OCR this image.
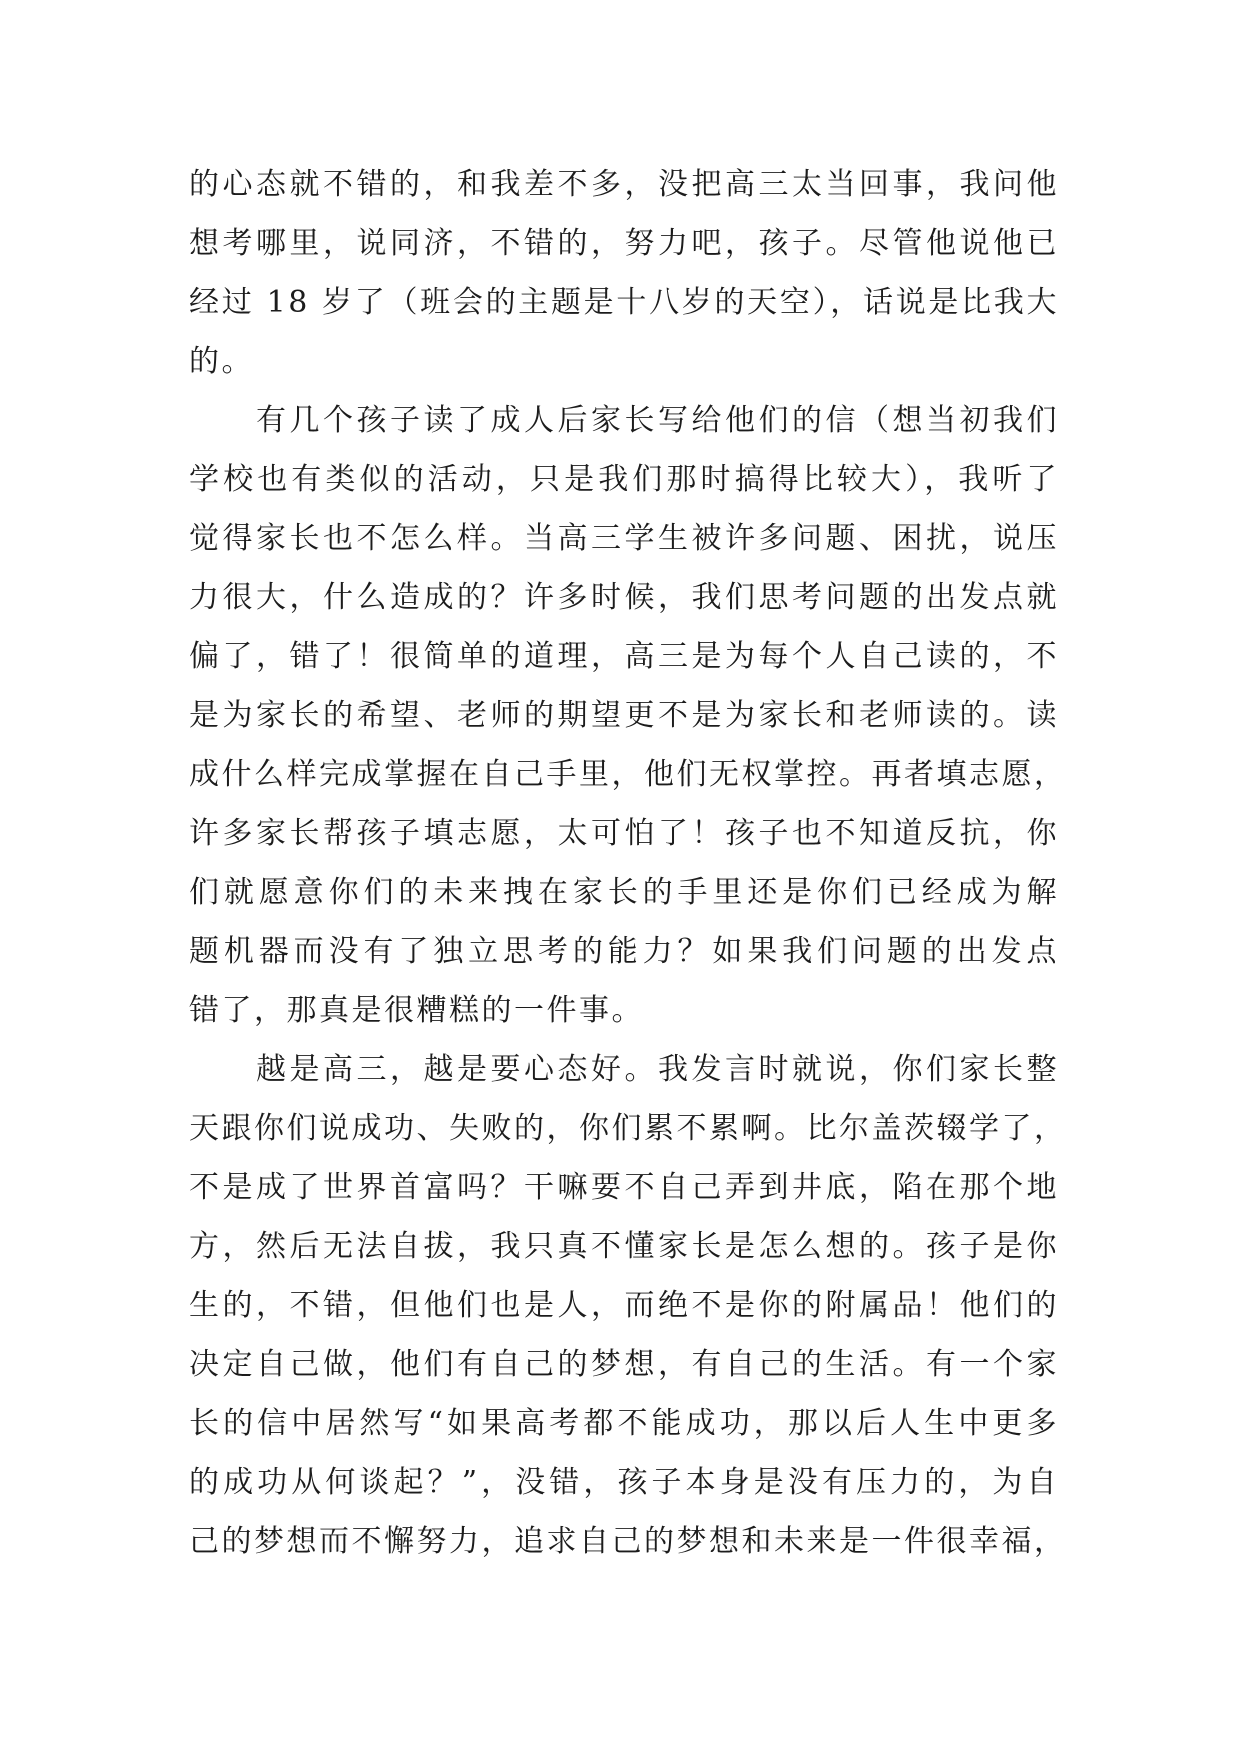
的心态就不错的，和我差不多，没把高三太当回事，我问他
想考哪里，说同济，不错的，努力吧，孩子。尽管他说他已
经过 18 岁了（班会的主题是十八岁的天空），话说是比我大
的。
　　有几个孩子读了成人后家长写给他们的信（想当初我们
学校也有类似的活动，只是我们那时搞得比较大），我听了
觉得家长也不怎么样。当高三学生被许多问题、困扰，说压
力很大，什么造成的？许多时候，我们思考问题的出发点就
偏了，错了！很简单的道理，高三是为每个人自己读的，不
是为家长的希望、老师的期望更不是为家长和老师读的。读
成什么样完成掌握在自己手里，他们无权掌控。再者填志愿，
许多家长帮孩子填志愿，太可怕了！孩子也不知道反抗，你
们就愿意你们的未来拽在家长的手里还是你们已经成为解
题机器而没有了独立思考的能力？如果我们问题的出发点
错了，那真是很糟糕的一件事。
　　越是高三，越是要心态好。我发言时就说，你们家长整
天跟你们说成功、失败的，你们累不累啊。比尔盖茨辍学了，
不是成了世界首富吗？干嘛要不自己弄到井底，陷在那个地
方，然后无法自拔，我只真不懂家长是怎么想的。孩子是你
生的，不错，但他们也是人，而绝不是你的附属品！他们的
决定自己做，他们有自己的梦想，有自己的生活。有一个家
长的信中居然写“如果高考都不能成功，那以后人生中更多
的成功从何谈起？”，没错，孩子本身是没有压力的，为自
己的梦想而不懈努力，追求自己的梦想和未来是一件很幸福，
